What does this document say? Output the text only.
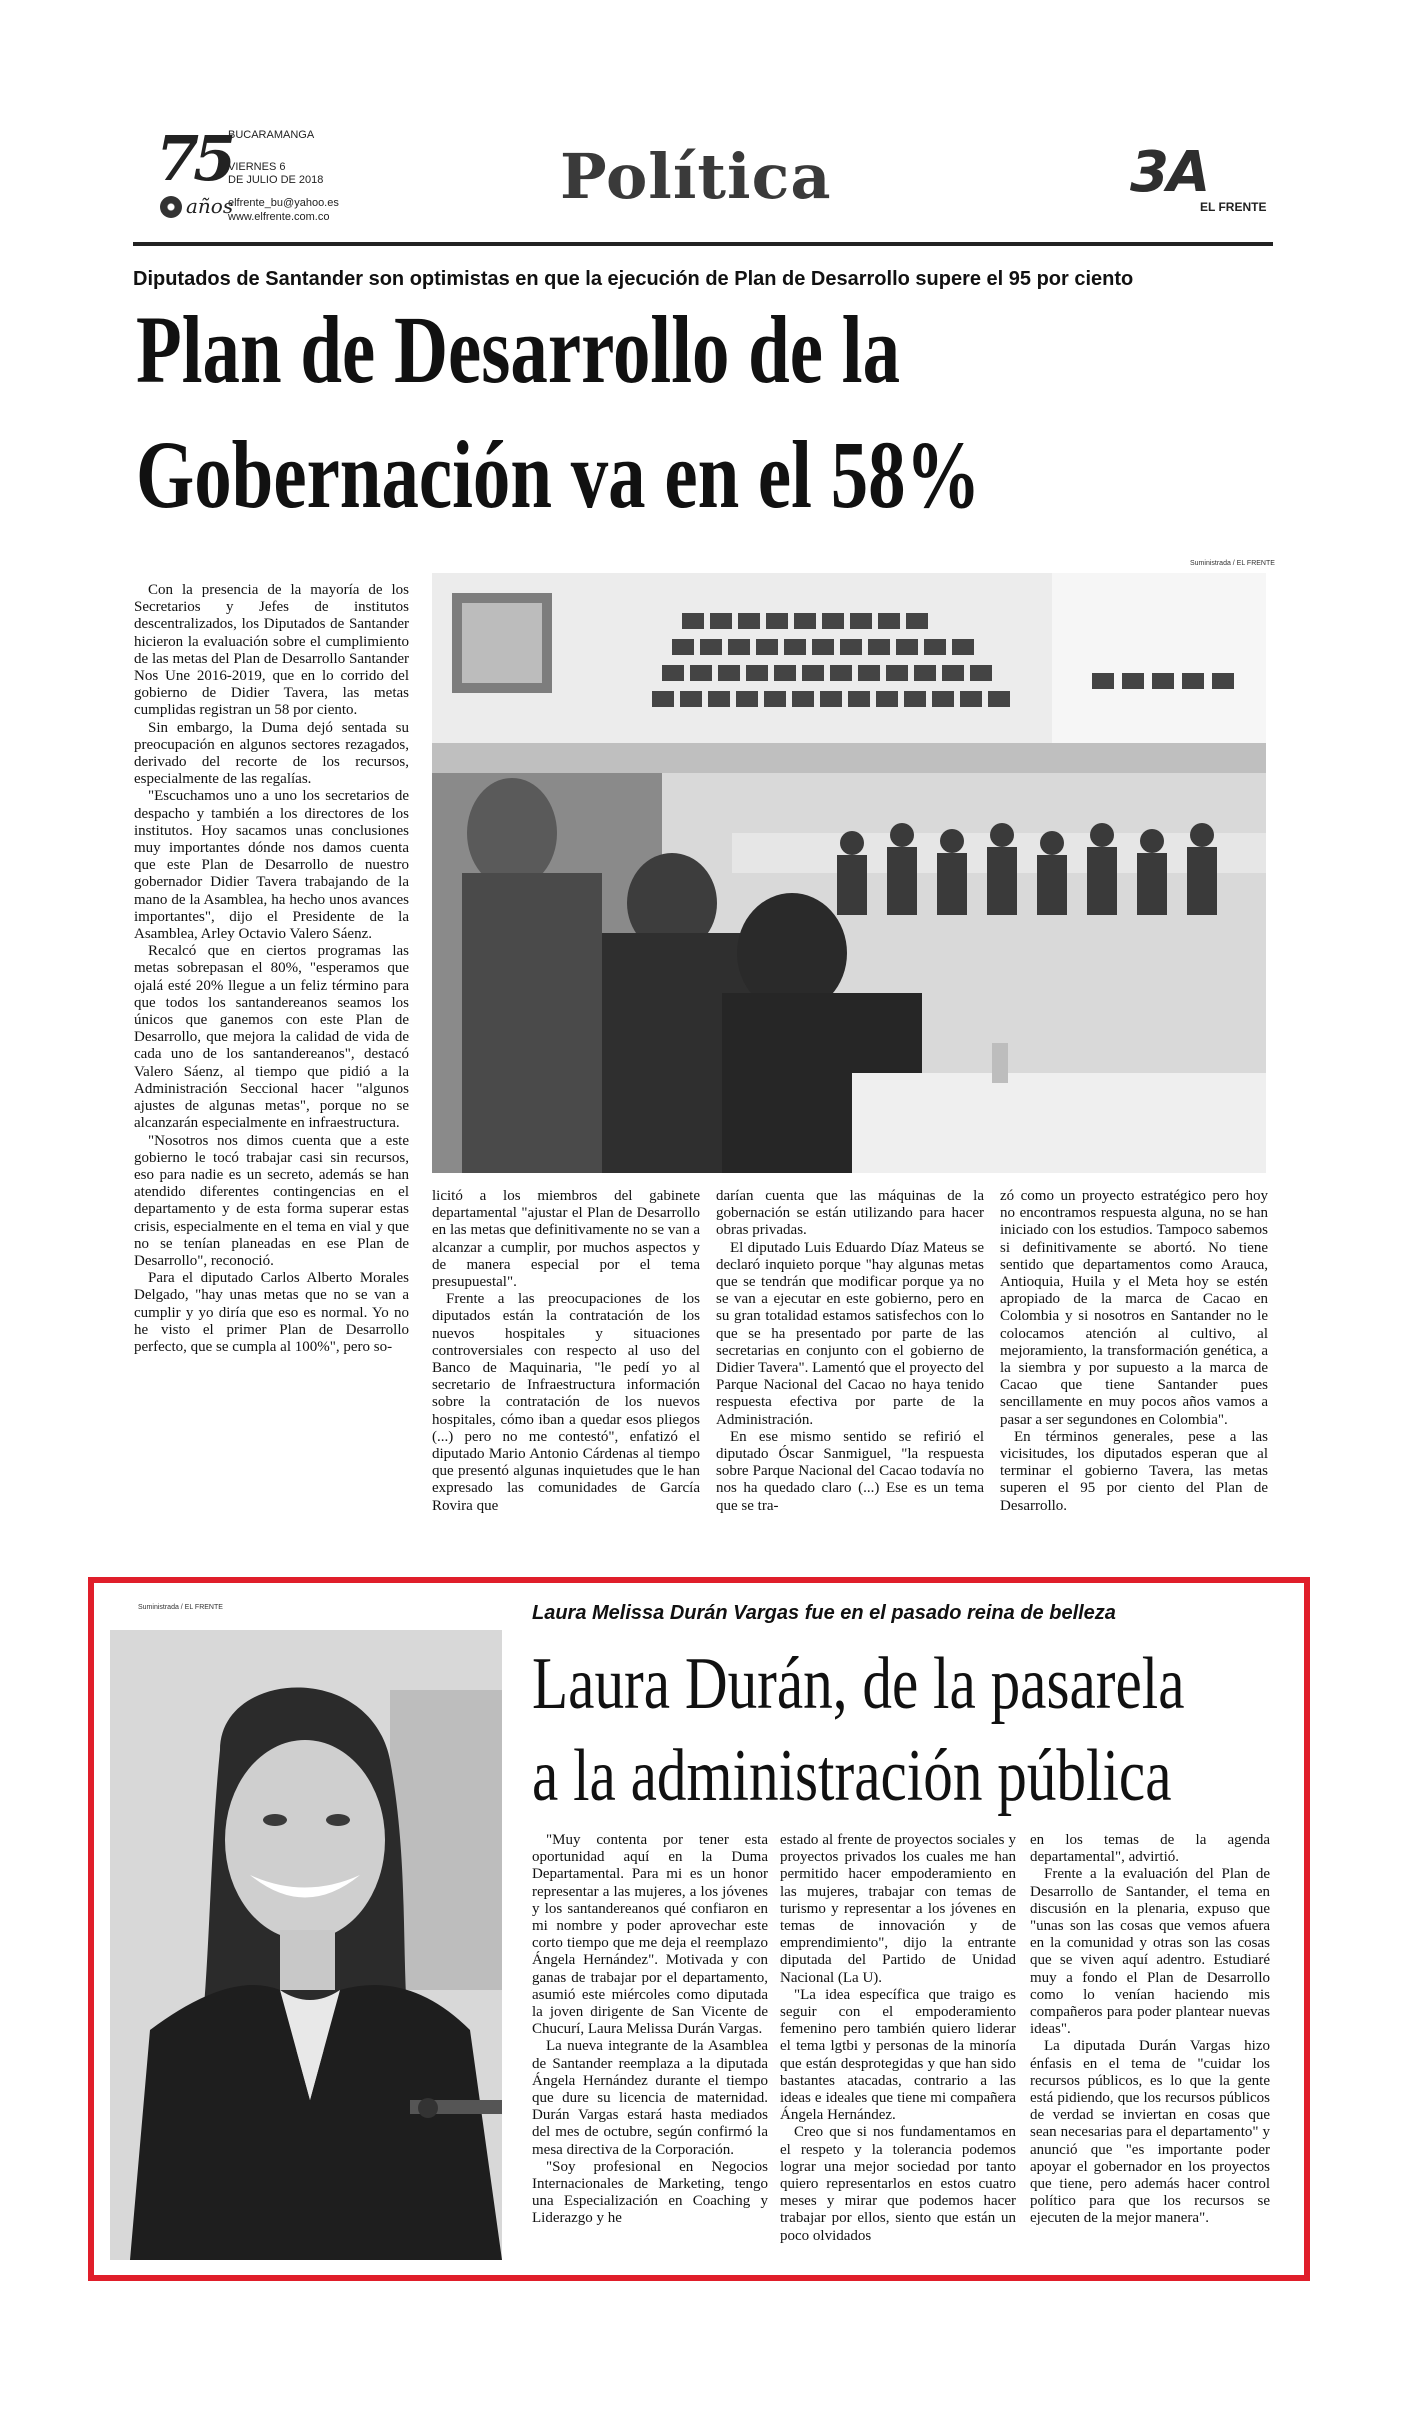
75
años
BUCARAMANGA
VIERNES 6
DE JULIO DE 2018
elfrente_bu@yahoo.es
www.elfrente.com.co
Política	3A
EL FRENTE
Diputados de Santander son optimistas en que la ejecución de Plan de Desarrollo supere el 95 por ciento
Plan de Desarrollo de la
Gobernación va en el 58%
Suministrada / EL FRENTE

Con la presencia de la mayoría de los Secretarios y Jefes de institutos descentralizados, los Diputados de Santander hicieron la evaluación sobre el cumplimiento de las metas del Plan de Desarrollo Santander Nos Une 2016-2019, que en lo corrido del gobierno de Didier Tavera, las metas cumplidas registran un 58 por ciento.

Sin embargo, la Duma dejó sentada su preocupación en algunos sectores rezagados, derivado del recorte de los recursos, especialmente de las regalías.

"Escuchamos uno a uno los secretarios de despacho y también a los directores de los institutos. Hoy sacamos unas conclusiones muy importantes dónde nos damos cuenta que este Plan de Desarrollo de nuestro gobernador Didier Tavera trabajando de la mano de la Asamblea, ha hecho unos avances importantes", dijo el Presidente de la Asamblea, Arley Octavio Valero Sáenz.

Recalcó que en ciertos programas las metas sobrepasan el 80%, "esperamos que ojalá esté 20% llegue a un feliz término para que todos los santandereanos seamos los únicos que ganemos con este Plan de Desarrollo, que mejora la calidad de vida de cada uno de los santandereanos", destacó Valero Sáenz, al tiempo que pidió a la Administración Seccional hacer "algunos ajustes de algunas metas", porque no se alcanzarán especialmente en infraestructura.

"Nosotros nos dimos cuenta que a este gobierno le tocó trabajar casi sin recursos, eso para nadie es un secreto, además se han atendido diferentes contingencias en el departamento y de esta forma superar estas crisis, especialmente en el tema en vial y que no se tenían planeadas en ese Plan de Desarrollo", reconoció.

Para el diputado Carlos Alberto Morales Delgado, "hay unas metas que no se van a cumplir y yo diría que eso es normal. Yo no he visto el primer Plan de Desarrollo perfecto, que se cumpla al 100%", pero so-

licitó a los miembros del gabinete departamental "ajustar el Plan de Desarrollo en las metas que definitivamente no se van a alcanzar a cumplir, por muchos aspectos y de manera especial por el tema presupuestal".

Frente a las preocupaciones de los diputados están la contratación de los nuevos hospitales y situaciones controversiales con respecto al uso del Banco de Maquinaria, "le pedí yo al secretario de Infraestructura información sobre la contratación de los nuevos hospitales, cómo iban a quedar esos pliegos (...) pero no me contestó", enfatizó el diputado Mario Antonio Cárdenas al tiempo que presentó algunas inquietudes que le han expresado las comunidades de García Rovira que

darían cuenta que las máquinas de la gobernación se están utilizando para hacer obras privadas.

El diputado Luis Eduardo Díaz Mateus se declaró inquieto porque "hay algunas metas que se tendrán que modificar porque ya no se van a ejecutar en este gobierno, pero en su gran totalidad estamos satisfechos con lo que se ha presentado por parte de las secretarias en conjunto con el gobierno de Didier Tavera". Lamentó que el proyecto del Parque Nacional del Cacao no haya tenido respuesta efectiva por parte de la Administración.

En ese mismo sentido se refirió el diputado Óscar Sanmiguel, "la respuesta sobre Parque Nacional del Cacao todavía no nos ha quedado claro (...) Ese es un tema que se tra-

zó como un proyecto estratégico pero hoy no encontramos respuesta alguna, no se han iniciado con los estudios. Tampoco sabemos si definitivamente se abortó. No tiene sentido que departamentos como Arauca, Antioquia, Huila y el Meta hoy se estén apropiado de la marca de Cacao en Colombia y si nosotros en Santander no le colocamos atención al cultivo, al mejoramiento, la transformación genética, a la siembra y por supuesto a la marca de Cacao que tiene Santander pues sencillamente en muy pocos años vamos a pasar a ser segundones en Colombia".

En términos generales, pese a las vicisitudes, los diputados esperan que al terminar el gobierno Tavera, las metas superen el 95 por ciento del Plan de Desarrollo.

Suministrada / EL FRENTE	Laura Melissa Durán Vargas fue en el pasado reina de belleza
Laura Durán, de la pasarela
a la administración pública

"Muy contenta por tener esta oportunidad aquí en la Duma Departamental. Para mi es un honor representar a las mujeres, a los jóvenes y los santandereanos qué confiaron en mi nombre y poder aprovechar este corto tiempo que me deja el reemplazo Ángela Hernández". Motivada y con ganas de trabajar por el departamento, asumió este miércoles como diputada la joven dirigente de San Vicente de Chucurí, Laura Melissa Durán Vargas.

La nueva integrante de la Asamblea de Santander reemplaza a la diputada Ángela Hernández durante el tiempo que dure su licencia de maternidad. Durán Vargas estará hasta mediados del mes de octubre, según confirmó la mesa directiva de la Corporación.

"Soy profesional en Negocios Internacionales de Marketing, tengo una Especialización en Coaching y Liderazgo y he

estado al frente de proyectos sociales y proyectos privados los cuales me han permitido hacer empoderamiento en las mujeres, trabajar con temas de turismo y representar a los jóvenes en temas de innovación y de emprendimiento", dijo la entrante diputada del Partido de Unidad Nacional (La U).

"La idea específica que traigo es seguir con el empoderamiento femenino pero también quiero liderar el tema lgtbi y personas de la minoría que están desprotegidas y que han sido bastantes atacadas, contrario a las ideas e ideales que tiene mi compañera Ángela Hernández.

Creo que si nos fundamentamos en el respeto y la tolerancia podemos lograr una mejor sociedad por tanto quiero representarlos en estos cuatro meses y mirar que podemos hacer trabajar por ellos, siento que están un poco olvidados

en los temas de la agenda departamental", advirtió.

Frente a la evaluación del Plan de Desarrollo de Santander, el tema en discusión en la plenaria, expuso que "unas son las cosas que vemos afuera en la comunidad y otras son las cosas que se viven aquí adentro. Estudiaré muy a fondo el Plan de Desarrollo como lo venían haciendo mis compañeros para poder plantear nuevas ideas".

La diputada Durán Vargas hizo énfasis en el tema de "cuidar los recursos públicos, es lo que la gente está pidiendo, que los recursos públicos de verdad se inviertan en cosas que sean necesarias para el departamento" y anunció que "es importante poder apoyar el gobernador en los proyectos que tiene, pero además hacer control político para que los recursos se ejecuten de la mejor manera".
